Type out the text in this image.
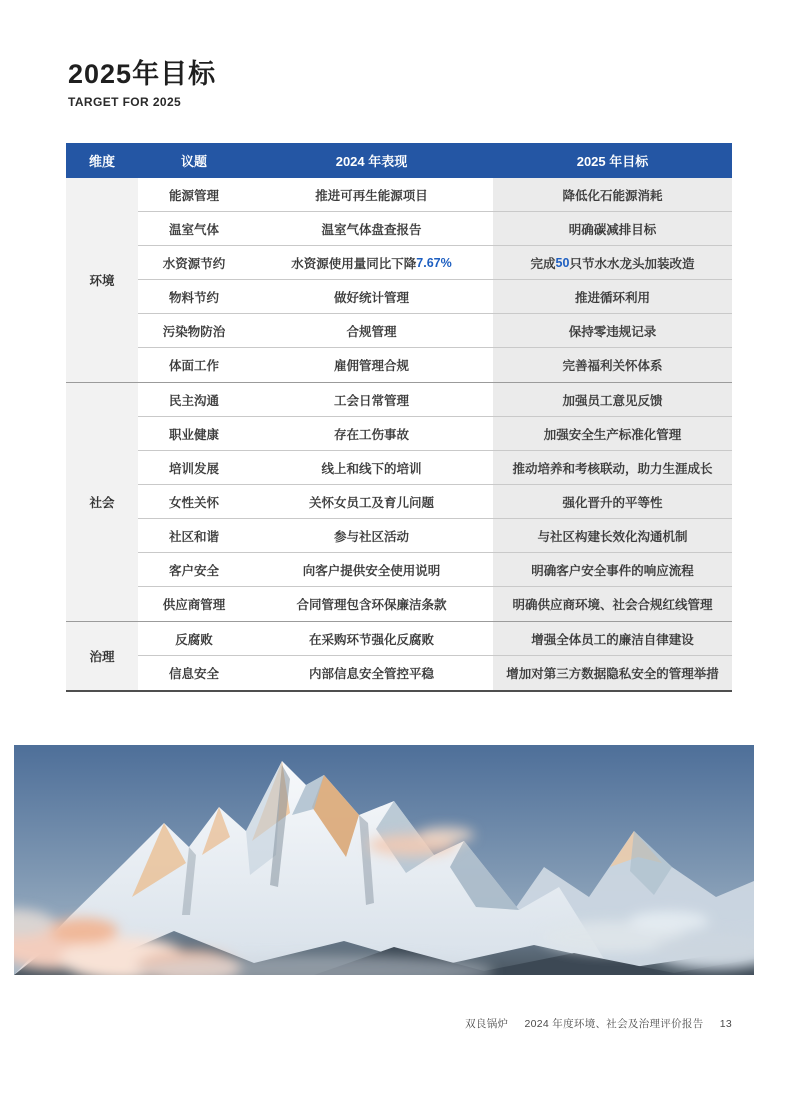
2025年目标
TARGET FOR 2025
维度	议题	2024 年表现	2025 年目标
环境
能源管理	推进可再生能源项目	降低化石能源消耗
温室气体	温室气体盘查报告	明确碳减排目标
水资源节约	水资源使用量同比下降 7.67%	完成 50 只节水水龙头加装改造
物料节约	做好统计管理	推进循环利用
污染物防治	合规管理	保持零违规记录
体面工作	雇佣管理合规	完善福利关怀体系
社会
民主沟通	工会日常管理	加强员工意见反馈
职业健康	存在工伤事故	加强安全生产标准化管理
培训发展	线上和线下的培训	推动培养和考核联动，助力生涯成长
女性关怀	关怀女员工及育儿问题	强化晋升的平等性
社区和谐	参与社区活动	与社区构建长效化沟通机制
客户安全	向客户提供安全使用说明	明确客户安全事件的响应流程
供应商管理	合同管理包含环保廉洁条款	明确供应商环境、社会合规红线管理
治理
反腐败	在采购环节强化反腐败	增强全体员工的廉洁自律建设
信息安全	内部信息安全管控平稳	增加对第三方数据隐私安全的管理举措
双良锅炉 2024 年度环境、社会及治理评价报告 13
